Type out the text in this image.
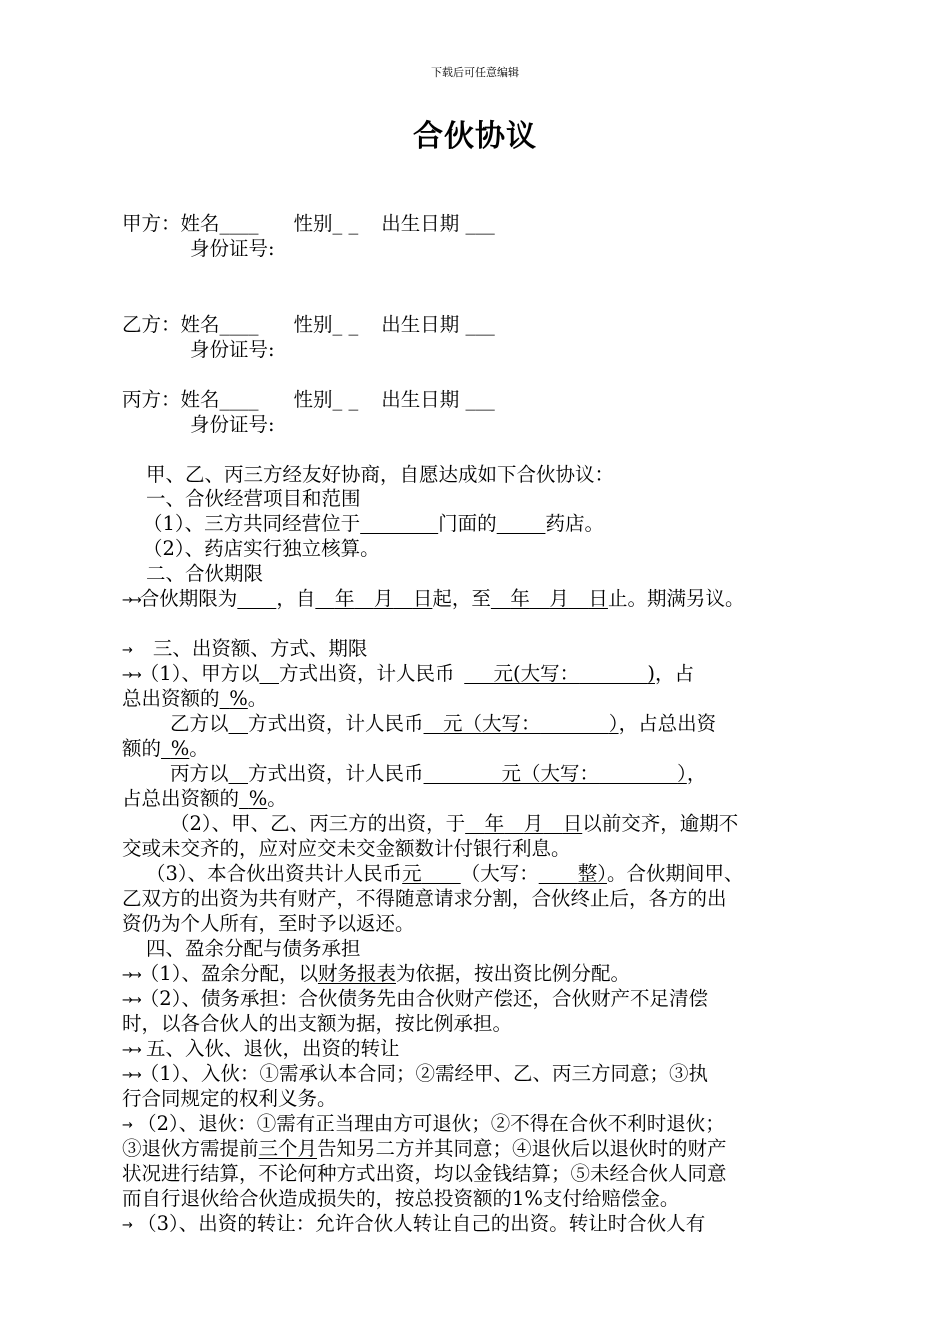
下载后可任意编辑
合伙协议
甲方：姓名____ 性别_ _ 出生日期 ___
身份证号:
乙方：姓名____ 性别_ _ 出生日期 ___
身份证号:
丙方：姓名____ 性别_ _ 出生日期 ___
身份证号:
甲、乙、丙三方经友好协商，自愿达成如下合伙协议：
一、合伙经营项目和范围
（1）、三方共同经营位于        	门面的     	药店。
（2）、药店实行独立核算。
二、合伙期限
→→合伙期限为     ，自   年   月   日起，至   年   月   日止。期满另议。
→ 三、出资额、方式、期限
→→（1）、甲方以   方式出资，计人民币     元(大写：       	)，占
总出资额的  %。
乙方以   方式出资，计人民币   元（大写：       	），占总出资
额的  %。
丙方以   方式出资，计人民币        	元（大写：        	），
占总出资额的  %。
（2）、甲、乙、丙三方的出资，于   年   月   日以前交齐，逾期不
交或未交齐的，应对应交未交金额数计付银行利息。
（3）、本合伙出资共计人民币元     （大写：     整）。合伙期间甲、
乙双方的出资为共有财产，不得随意请求分割，合伙终止后，各方的出
资仍为个人所有，至时予以返还。
四、盈余分配与债务承担
→→（1）、盈余分配，以财务报表为依据，按出资比例分配。
→→（2）、债务承担：合伙债务先由合伙财产偿还，合伙财产不足清偿
时，以各合伙人的出支额为据，按比例承担。
→→ 五、入伙、退伙，出资的转让
→→（1）、入伙：①需承认本合同；②需经甲、乙、丙三方同意；③执
行合同规定的权利义务。
→ （2）、退伙：①需有正当理由方可退伙；②不得在合伙不利时退伙；
③退伙方需提前三个月告知另二方并其同意；④退伙后以退伙时的财产
状况进行结算，不论何种方式出资，均以金钱结算；⑤未经合伙人同意
而自行退伙给合伙造成损失的，按总投资额的1%支付给赔偿金。
→ （3）、出资的转让：允许合伙人转让自己的出资。转让时合伙人有
